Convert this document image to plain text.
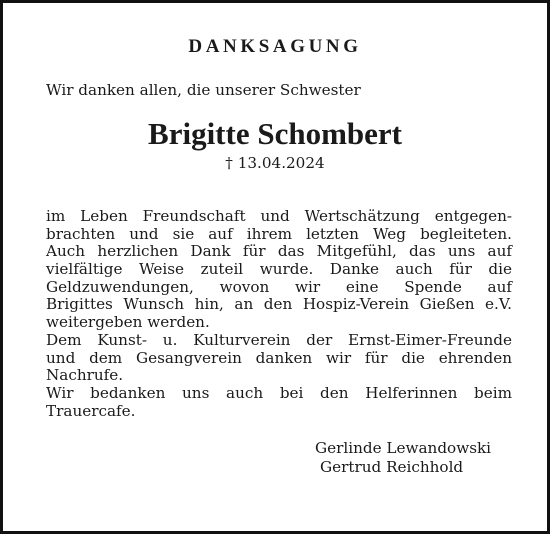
DANKSAGUNG
Wir danken allen, die unserer Schwester
Brigitte Schombert
† 13.04.2024
im Leben Freundschaft und Wertschätzung entgegen-
brachten und sie auf ihrem letzten Weg begleiteten.
Auch herzlichen Dank für das Mitgefühl, das uns auf
vielfältige Weise zuteil wurde. Danke auch für die
Geldzuwendungen, wovon wir eine Spende auf
Brigittes Wunsch hin, an den Hospiz-Verein Gießen e.V.
weitergeben werden.
Dem Kunst- u. Kulturverein der Ernst-Eimer-Freunde
und dem Gesangverein danken wir für die ehrenden
Nachrufe.
Wir bedanken uns auch bei den Helferinnen beim
Trauercafe.
Gerlinde Lewandowski
Gertrud Reichhold
